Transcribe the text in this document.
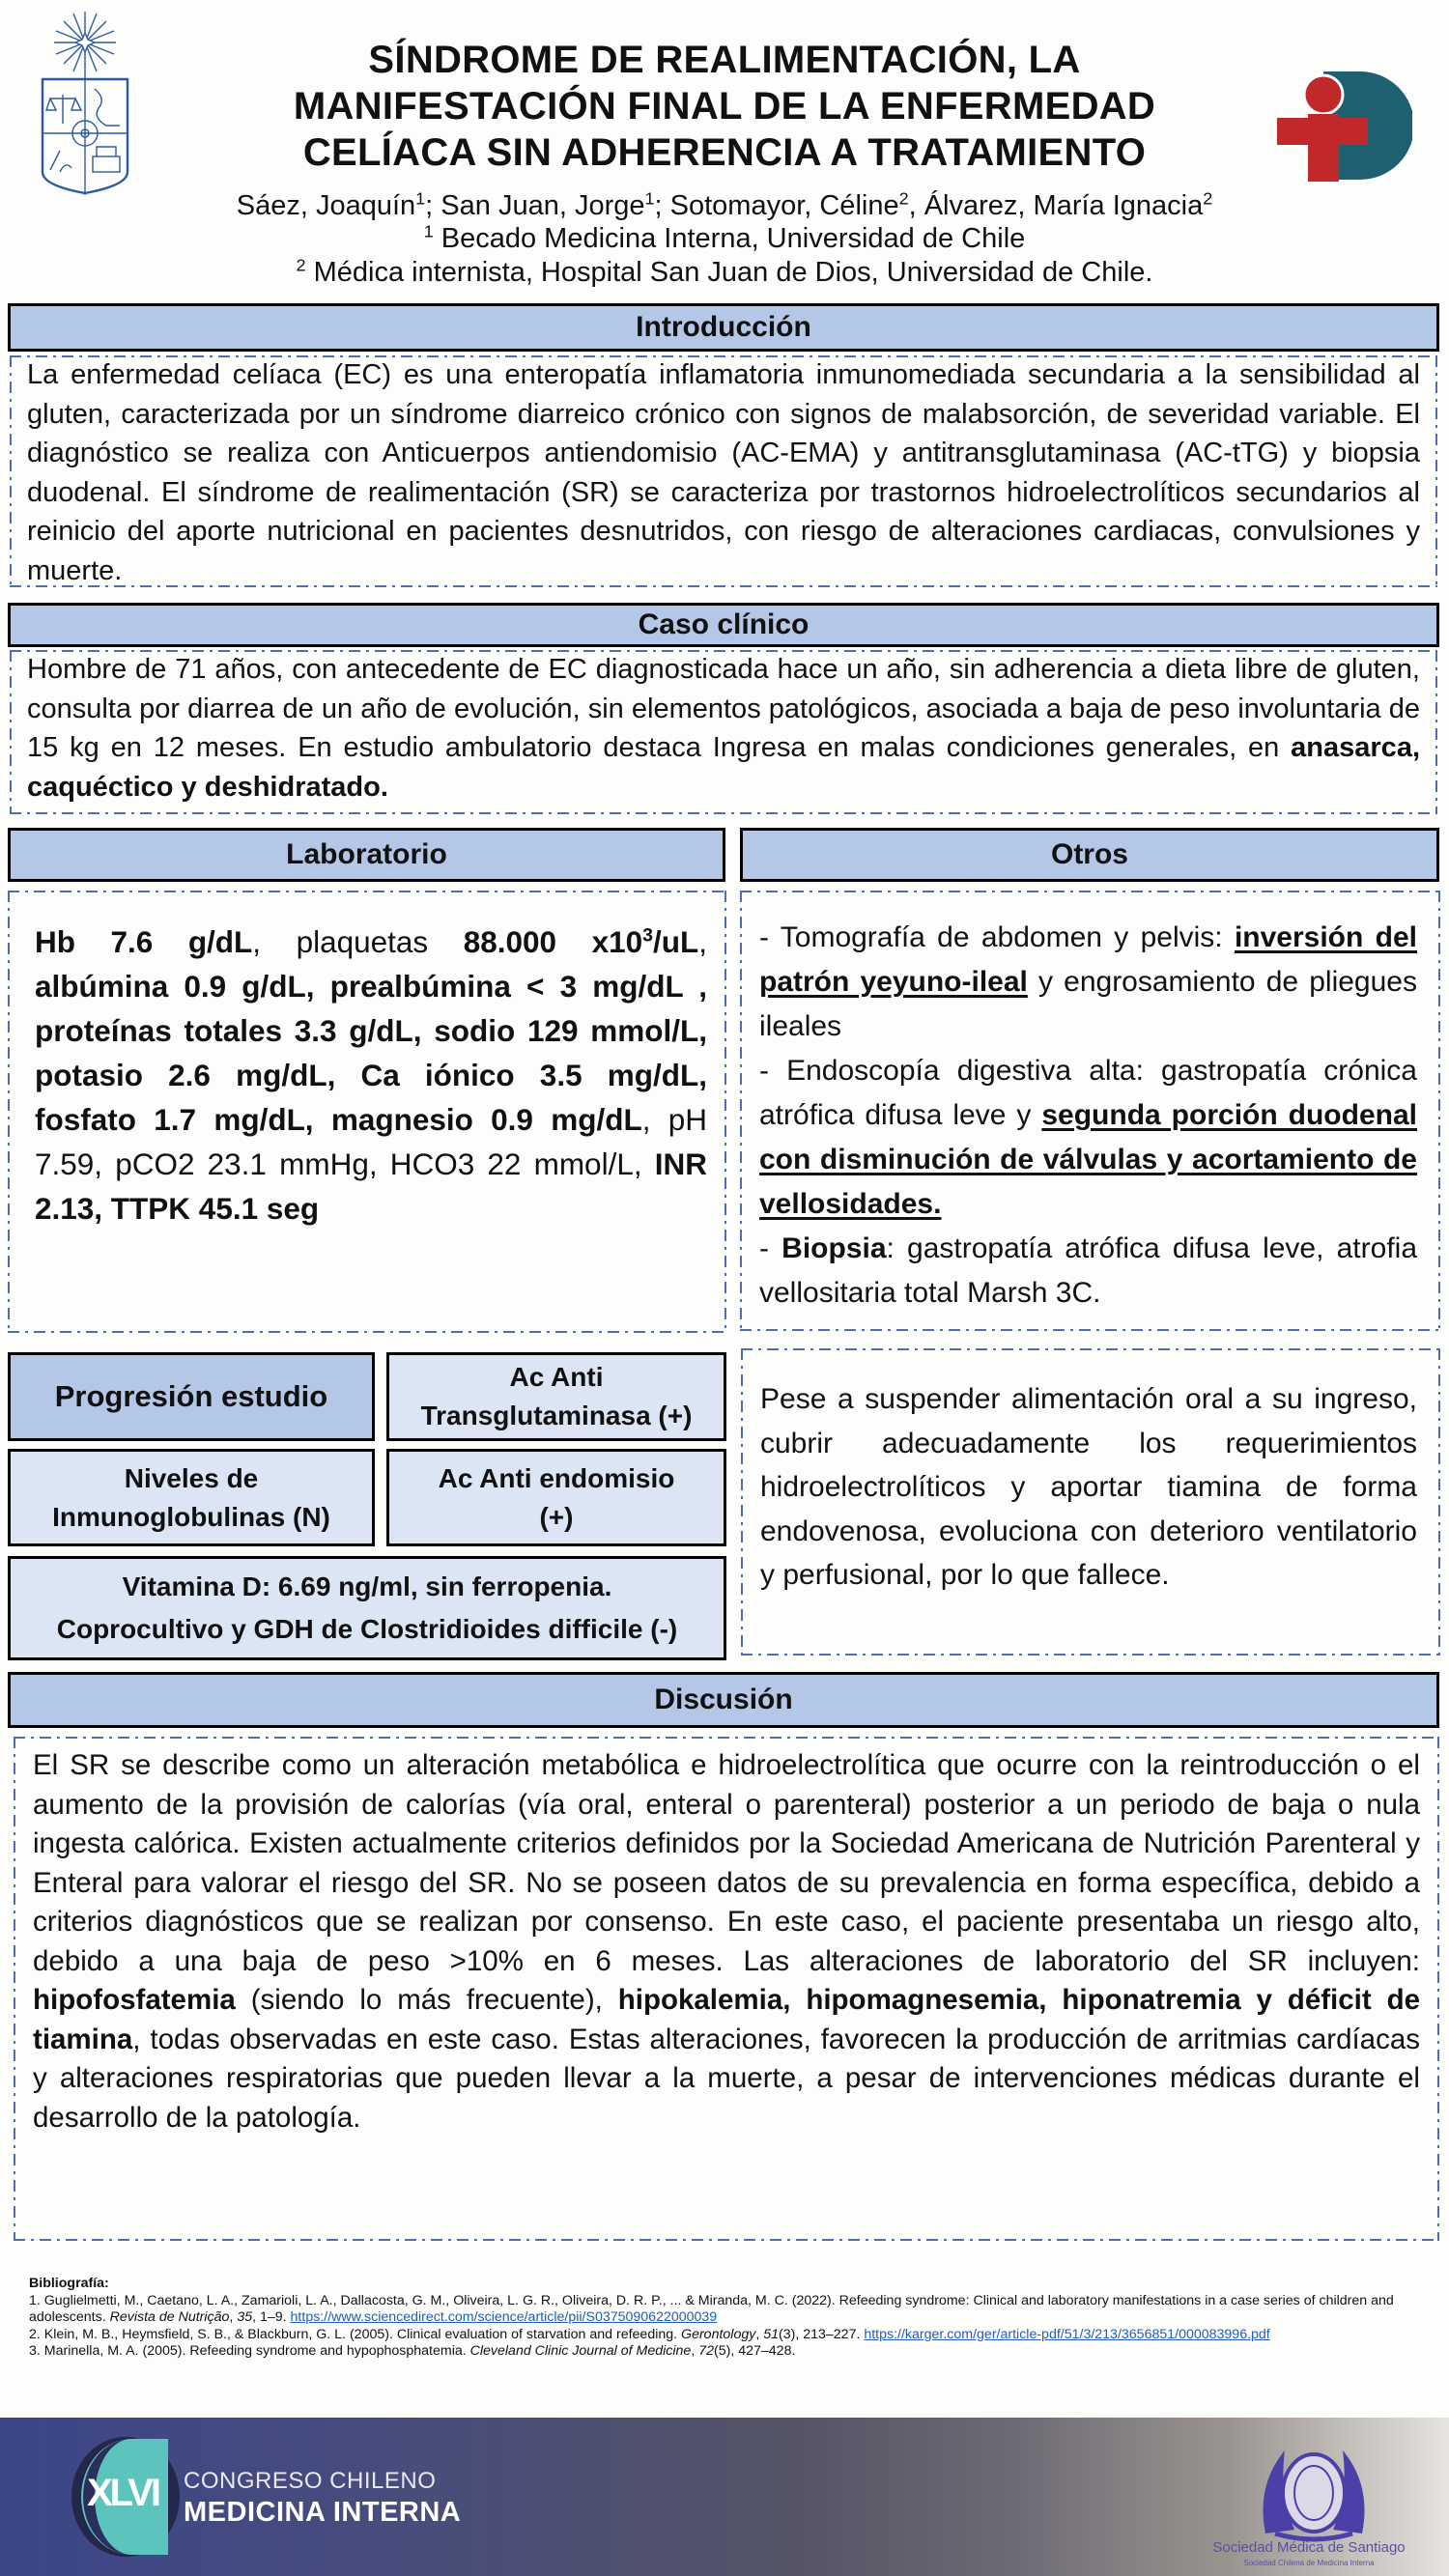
SÍNDROME DE REALIMENTACIÓN, LA
MANIFESTACIÓN FINAL DE LA ENFERMEDAD
CELÍACA SIN ADHERENCIA A TRATAMIENTO
Sáez, Joaquín$^1$; San Juan, Jorge$^1$; Sotomayor, Céline$^2$, Álvarez, María Ignacia$^2$
$^1$ Becado Medicina Interna, Universidad de Chile
$^2$ Médica internista, Hospital San Juan de Dios, Universidad de Chile.
Introducción

La enfermedad celíaca (EC) es una enteropatía inflamatoria inmunomediada secundaria a la sensibilidad al gluten, caracterizada por un síndrome diarreico crónico con signos de malabsorción, de severidad variable. El diagnóstico se realiza con Anticuerpos antiendomisio (AC-EMA) y antitransglutaminasa (AC-tTG) y biopsia duodenal. El síndrome de realimentación (SR) se caracteriza por trastornos hidroelectrolíticos secundarios al reinicio del aporte nutricional en pacientes desnutridos, con riesgo de alteraciones cardiacas, convulsiones y muerte.

Caso clínico

Hombre de 71 años, con antecedente de EC diagnosticada hace un año, sin adherencia a dieta libre de gluten, consulta por diarrea de un año de evolución, sin elementos patológicos, asociada a baja de peso involuntaria de 15 kg en 12 meses. En estudio ambulatorio destaca Ingresa en malas condiciones generales, en anasarca, caquéctico y deshidratado.

Laboratorio

Hb 7.6 g/dL, plaquetas 88.000 $x10^3/uL$, albúmina 0.9 g/dL, prealbúmina < 3 mg/dL , proteínas totales 3.3 g/dL, sodio 129 mmol/L, potasio 2.6 mg/dL, Ca iónico 3.5 mg/dL, fosfato 1.7 mg/dL, magnesio 0.9 mg/dL, pH 7.59, pCO2 23.1 mmHg, HCO3 22 mmol/L, INR 2.13, TTPK 45.1 seg

Otros

- Tomografía de abdomen y pelvis: inversión del patrón yeyuno-ileal y engrosamiento de pliegues ileales
- Endoscopía digestiva alta: gastropatía crónica atrófica difusa leve y segunda porción duodenal con disminución de válvulas y acortamiento de vellosidades.
- Biopsia: gastropatía atrófica difusa leve, atrofia vellositaria total Marsh 3C.

Progresión estudio
Ac Anti
Transglutaminasa (+)
Niveles de
Inmunoglobulinas (N)
Ac Anti endomisio
(+)
Vitamina D: 6.69 ng/ml, sin ferropenia.
Coprocultivo y GDH de Clostridioides difficile (-)

Pese a suspender alimentación oral a su ingreso, cubrir adecuadamente los requerimientos hidroelectrolíticos y aportar tiamina de forma endovenosa, evoluciona con deterioro ventilatorio y perfusional, por lo que fallece.

Discusión

El SR se describe como un alteración metabólica e hidroelectrolítica que ocurre con la reintroducción o el aumento de la provisión de calorías (vía oral, enteral o parenteral) posterior a un periodo de baja o nula ingesta calórica. Existen actualmente criterios definidos por la Sociedad Americana de Nutrición Parenteral y Enteral para valorar el riesgo del SR. No se poseen datos de su prevalencia en forma específica, debido a criterios diagnósticos que se realizan por consenso. En este caso, el paciente presentaba un riesgo alto, debido a una baja de peso >10% en 6 meses. Las alteraciones de laboratorio del SR incluyen: hipofosfatemia (siendo lo más frecuente), hipokalemia, hipomagnesemia, hiponatremia y déficit de tiamina, todas observadas en este caso. Estas alteraciones, favorecen la producción de arritmias cardíacas y alteraciones respiratorias que pueden llevar a la muerte, a pesar de intervenciones médicas durante el desarrollo de la patología.

Bibliografía:
1. Guglielmetti, M., Caetano, L. A., Zamarioli, L. A., Dallacosta, G. M., Oliveira, L. G. R., Oliveira, D. R. P., ... & Miranda, M. C. (2022). Refeeding syndrome: Clinical and laboratory manifestations in a case series of children and adolescents. Revista de Nutrição, 35, 1–9. https://www.sciencedirect.com/science/article/pii/S0375090622000039
2. Klein, M. B., Heymsfield, S. B., & Blackburn, G. L. (2005). Clinical evaluation of starvation and refeeding. Gerontology, 51(3), 213–227. https://karger.com/ger/article-pdf/51/3/213/3656851/000083996.pdf
3. Marinella, M. A. (2005). Refeeding syndrome and hypophosphatemia. Cleveland Clinic Journal of Medicine, 72(5), 427–428.
XLVI CONGRESO CHILENO
MEDICINA INTERNA
Sociedad Médica de Santiago
Sociedad Chilena de Medicina Interna
